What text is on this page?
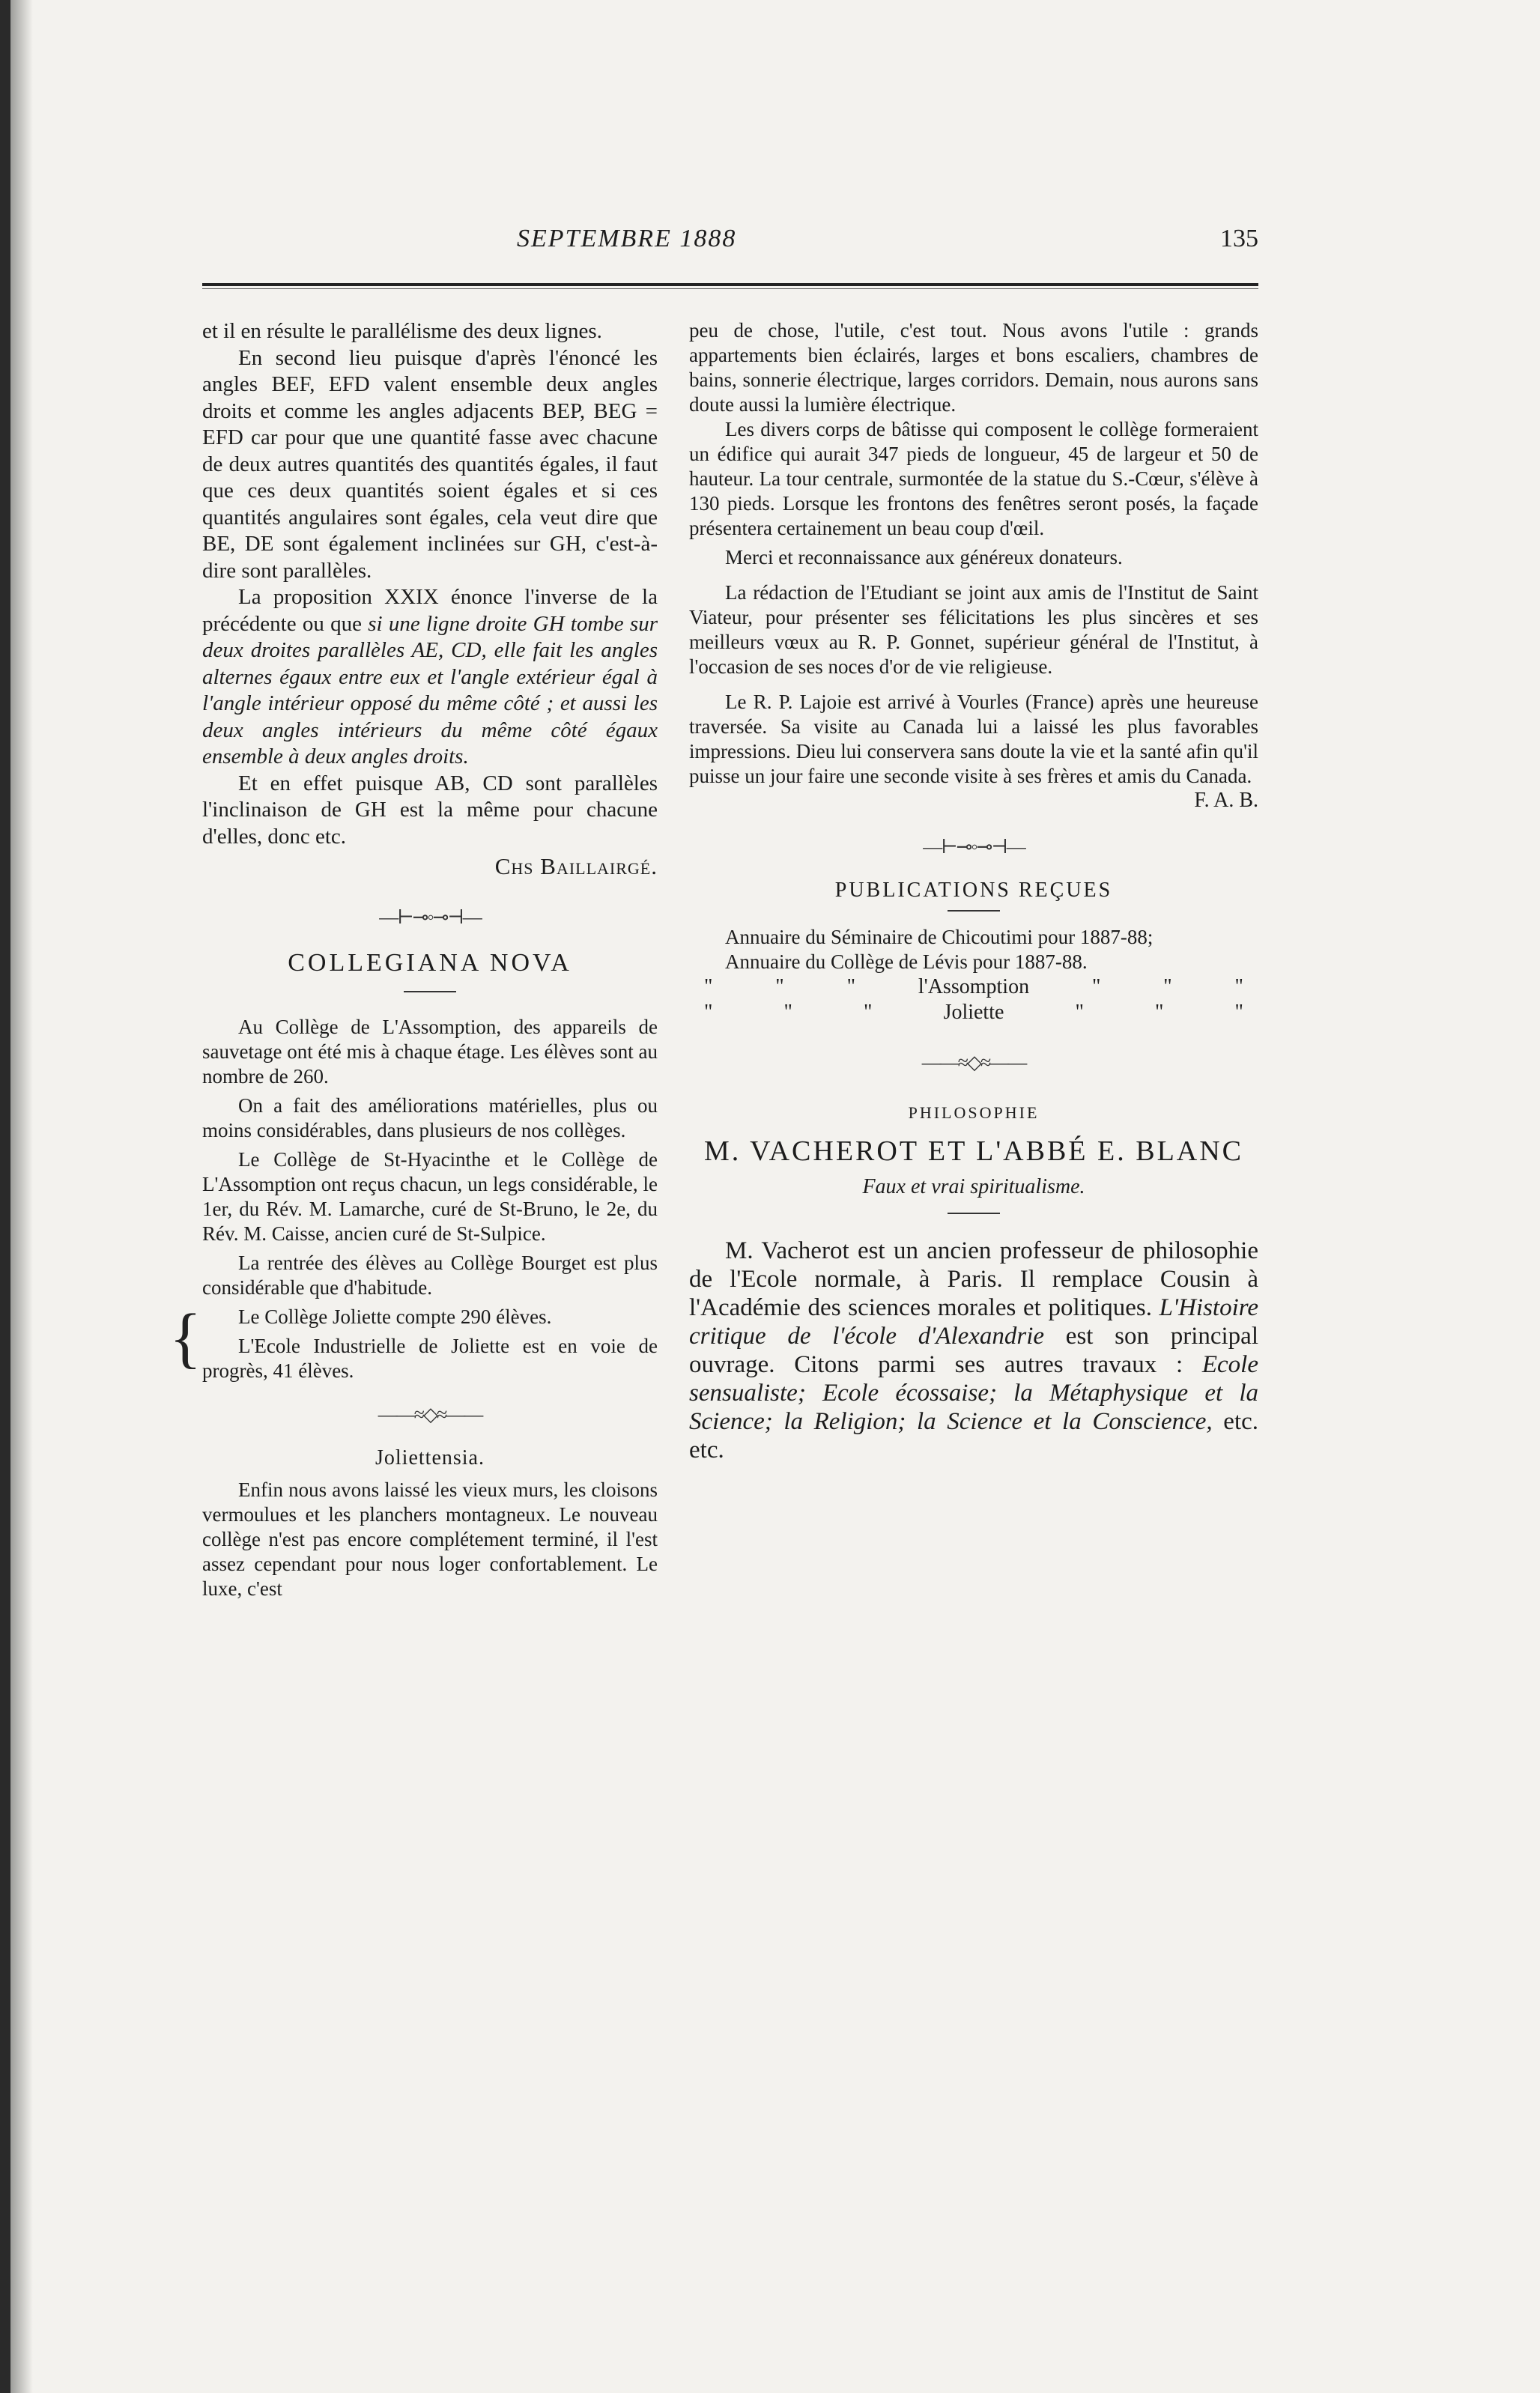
SEPTEMBRE 1888	135

et il en résulte le parallélisme des deux lignes.

En second lieu puisque d'après l'énoncé les angles BEF, EFD valent ensemble deux angles droits et comme les angles adjacents BEP, BEG = EFD car pour que une quantité fasse avec chacune de deux autres quantités des quantités égales, il faut que ces deux quantités soient égales et si ces quantités angulaires sont égales, cela veut dire que BE, DE sont également inclinées sur GH, c'est-à-dire sont parallèles.

La proposition XXIX énonce l'inverse de la précédente ou que si une ligne droite GH tombe sur deux droites parallèles AE, CD, elle fait les angles alternes égaux entre eux et l'angle extérieur égal à l'angle intérieur opposé du même côté ; et aussi les deux angles intérieurs du même côté égaux ensemble à deux angles droits.

Et en effet puisque AB, CD sont parallèles l'inclinaison de GH est la même pour chacune d'elles, donc etc.

Chs Baillairgé.
—⊢⊸◦⊸⊣—
COLLEGIANA NOVA

Au Collège de L'Assomption, des appareils de sauvetage ont été mis à chaque étage. Les élèves sont au nombre de 260.

On a fait des améliorations matérielles, plus ou moins considérables, dans plusieurs de nos collèges.

Le Collège de St-Hyacinthe et le Collège de L'Assomption ont reçus chacun, un legs considérable, le 1er, du Rév. M. Lamarche, curé de St-Bruno, le 2e, du Rév. M. Caisse, ancien curé de St-Sulpice.

La rentrée des élèves au Collège Bourget est plus considérable que d'habitude.

{	Le Collège Joliette compte 290 élèves.

L'Ecole Industrielle de Joliette est en voie de progrès, 41 élèves.

——≈◇≈——
Joliettensia.

Enfin nous avons laissé les vieux murs, les cloisons vermoulues et les planchers montagneux. Le nouveau collège n'est pas encore complétement terminé, il l'est assez cependant pour nous loger confortablement. Le luxe, c'est

peu de chose, l'utile, c'est tout. Nous avons l'utile : grands appartements bien éclairés, larges et bons escaliers, chambres de bains, sonnerie électrique, larges corridors. Demain, nous aurons sans doute aussi la lumière électrique.

Les divers corps de bâtisse qui composent le collège formeraient un édifice qui aurait 347 pieds de longueur, 45 de largeur et 50 de hauteur. La tour centrale, surmontée de la statue du S.-Cœur, s'élève à 130 pieds. Lorsque les frontons des fenêtres seront posés, la façade présentera certainement un beau coup d'œil.

Merci et reconnaissance aux généreux donateurs.

La rédaction de l'Etudiant se joint aux amis de l'Institut de Saint Viateur, pour présenter ses félicitations les plus sincères et ses meilleurs vœux au R. P. Gonnet, supérieur général de l'Institut, à l'occasion de ses noces d'or de vie religieuse.

Le R. P. Lajoie est arrivé à Vourles (France) après une heureuse traversée. Sa visite au Canada lui a laissé les plus favorables impressions. Dieu lui conservera sans doute la vie et la santé afin qu'il puisse un jour faire une seconde visite à ses frères et amis du Canada.

F. A. B.
—⊢⊸◦⊸⊣—
PUBLICATIONS REÇUES

Annuaire du Séminaire de Chicoutimi pour 1887-88;

Annuaire du Collège de Lévis pour 1887-88.

"	"	"	l'Assomption	"	"	"
"	"	"	Joliette	"	"	"
——≈◇≈——
PHILOSOPHIE
M. VACHEROT ET L'ABBÉ E. BLANC
Faux et vrai spiritualisme.

M. Vacherot est un ancien professeur de philosophie de l'Ecole normale, à Paris. Il remplace Cousin à l'Académie des sciences morales et politiques. L'Histoire critique de l'école d'Alexandrie est son principal ouvrage. Citons parmi ses autres travaux : Ecole sensualiste; Ecole écossaise; la Métaphysique et la Science; la Religion; la Science et la Conscience, etc. etc.
